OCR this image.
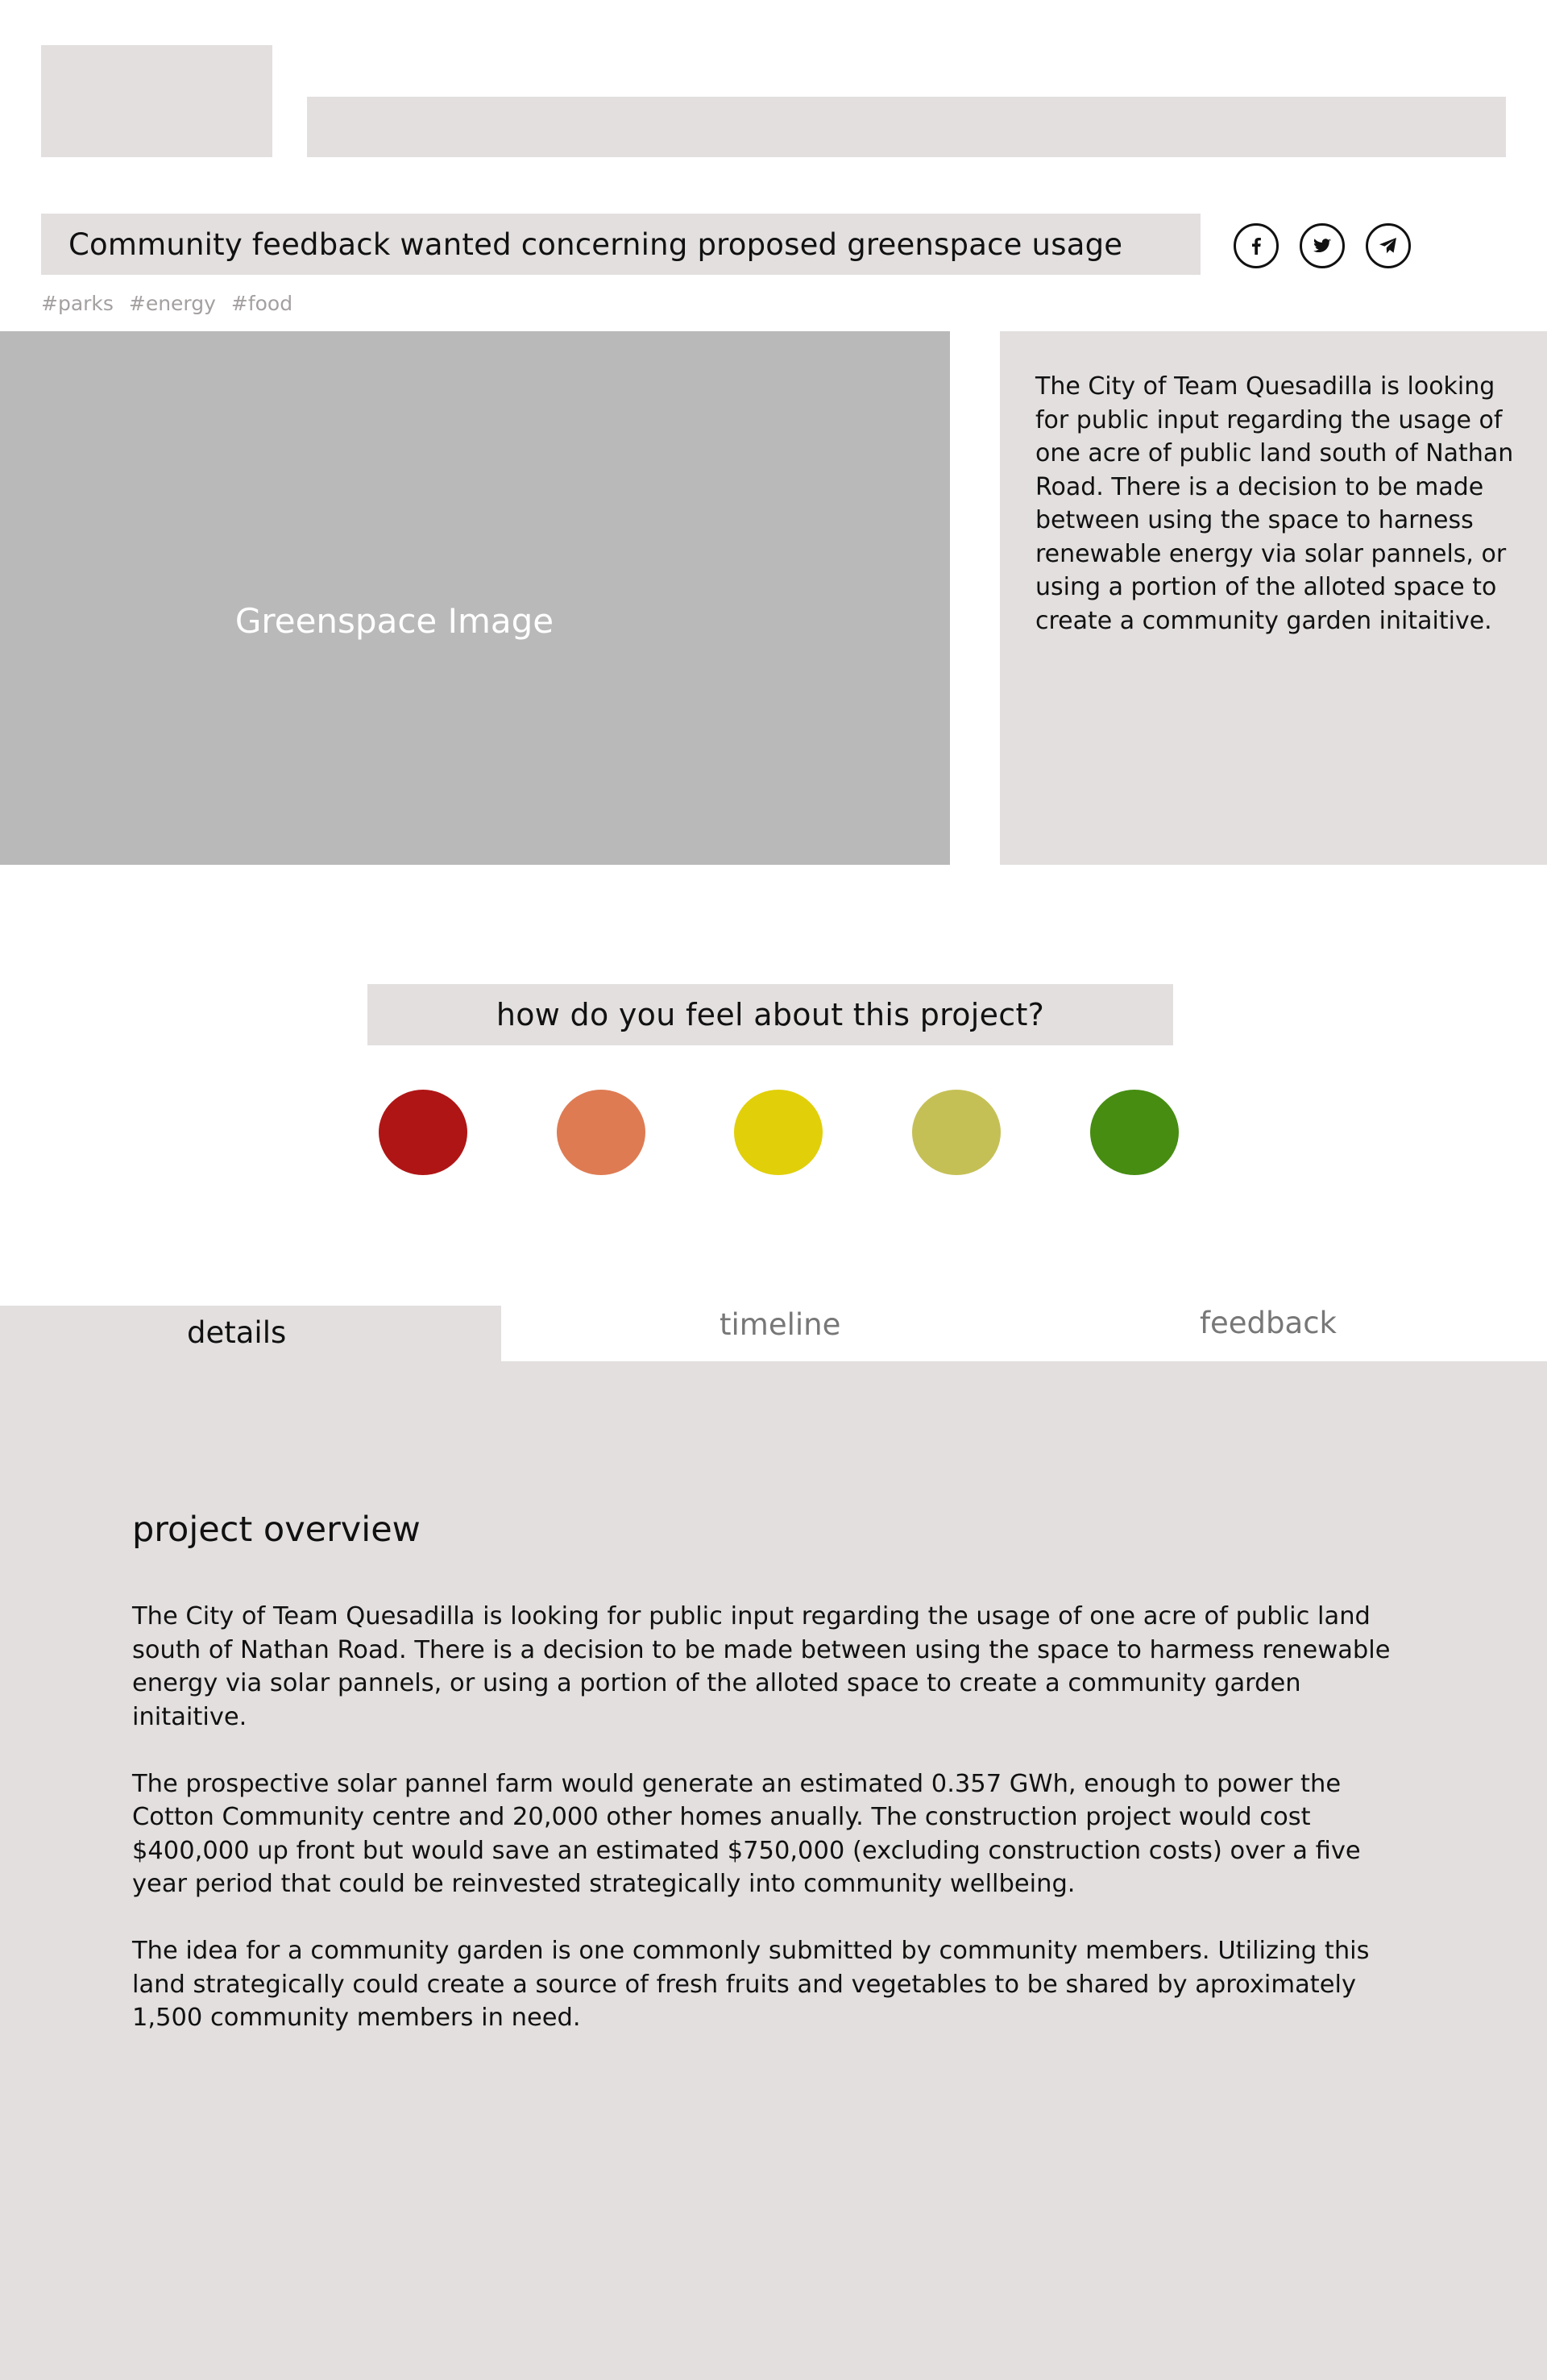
Community feedback wanted concerning proposed greenspace usage
#parks #energy #food
Greenspace Image
The City of Team Quesadilla is looking for public input regarding the usage of one acre of public land south of Nathan Road. There is a decision to be made between using the space to harness renewable energy via solar pannels, or using a portion of the alloted space to create a community garden initaitive.
how do you feel about this project?
details	timeline	feedback
project overview

The City of Team Quesadilla is looking for public input regarding the usage of one acre of public land south of Nathan Road. There is a decision to be made between using the space to harmess renewable energy via solar pannels, or using a portion of the alloted space to create a community garden initaitive.

The prospective solar pannel farm would generate an estimated 0.357 GWh, enough to power the Cotton Community centre and 20,000 other homes anually. The construction project would cost $400,000 up front but would save an estimated $750,000 (excluding construction costs) over a five year period that could be reinvested strategically into community wellbeing.

The idea for a community garden is one commonly submitted by community members. Utilizing this land strategically could create a source of fresh fruits and vegetables to be shared by aproximately 1,500 community members in need.
